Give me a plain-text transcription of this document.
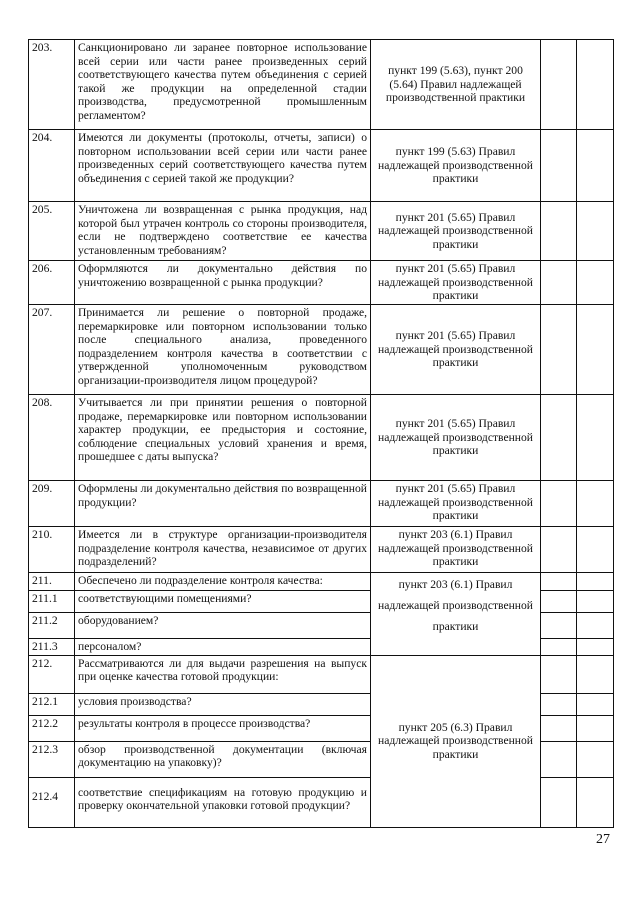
203.	Санкционировано ли заранее повторное использование всей серии или части ранее произведенных серий соответствующего качества путем объединения с серией такой же продукции на определенной стадии производства, предусмотренной промышленным регламентом?	пункт 199 (5.63), пункт 200 (5.64) Правил надлежащей производственной практики		
204.	Имеются ли документы (протоколы, отчеты, записи) о повторном использовании всей серии или части ранее произведенных серий соответствующего качества путем объединения с серией такой же продукции?	пункт 199 (5.63) Правил надлежащей производственной практики		
205.	Уничтожена ли возвращенная с рынка продукция, над которой был утрачен контроль со стороны производителя, если не подтверждено соответствие ее качества установленным требованиям?	пункт 201 (5.65) Правил надлежащей производственной практики		
206.	Оформляются ли документально действия по уничтожению возвращенной с рынка продукции?	пункт 201 (5.65) Правил надлежащей производственной практики		
207.	Принимается ли решение о повторной продаже, перемаркировке или повторном использовании только после специального анализа, проведенного подразделением контроля качества в соответствии с утвержденной уполномоченным руководством организации-производителя лицом процедурой?	пункт 201 (5.65) Правил надлежащей производственной практики		
208.	Учитывается ли при принятии решения о повторной продаже, перемаркировке или повторном использовании характер продукции, ее предыстория и состояние, соблюдение специальных условий хранения и время, прошедшее с даты выпуска?	пункт 201 (5.65) Правил надлежащей производственной практики		
209.	Оформлены ли документально действия по возвращенной продукции?	пункт 201 (5.65) Правил надлежащей производственной практики		
210.	Имеется ли в структуре организации-производителя подразделение контроля качества, независимое от других подразделений?	пункт 203 (6.1) Правил надлежащей производственной практики		
211.	Обеспечено ли подразделение контроля качества:	пункт 203 (6.1) Правил надлежащей производственной практики		
211.1	соответствующими помещениями?			
211.2	оборудованием?			
211.3	персоналом?			
212.	Рассматриваются ли для выдачи разрешения на выпуск при оценке качества готовой продукции:	пункт 205 (6.3) Правил надлежащей производственной практики		
212.1	условия производства?			
212.2	результаты контроля в процессе производства?			
212.3	обзор производственной документации (включая документацию на упаковку)?			
212.4	соответствие спецификациям на готовую продукцию и проверку окончательной упаковки готовой продукции?			
27
